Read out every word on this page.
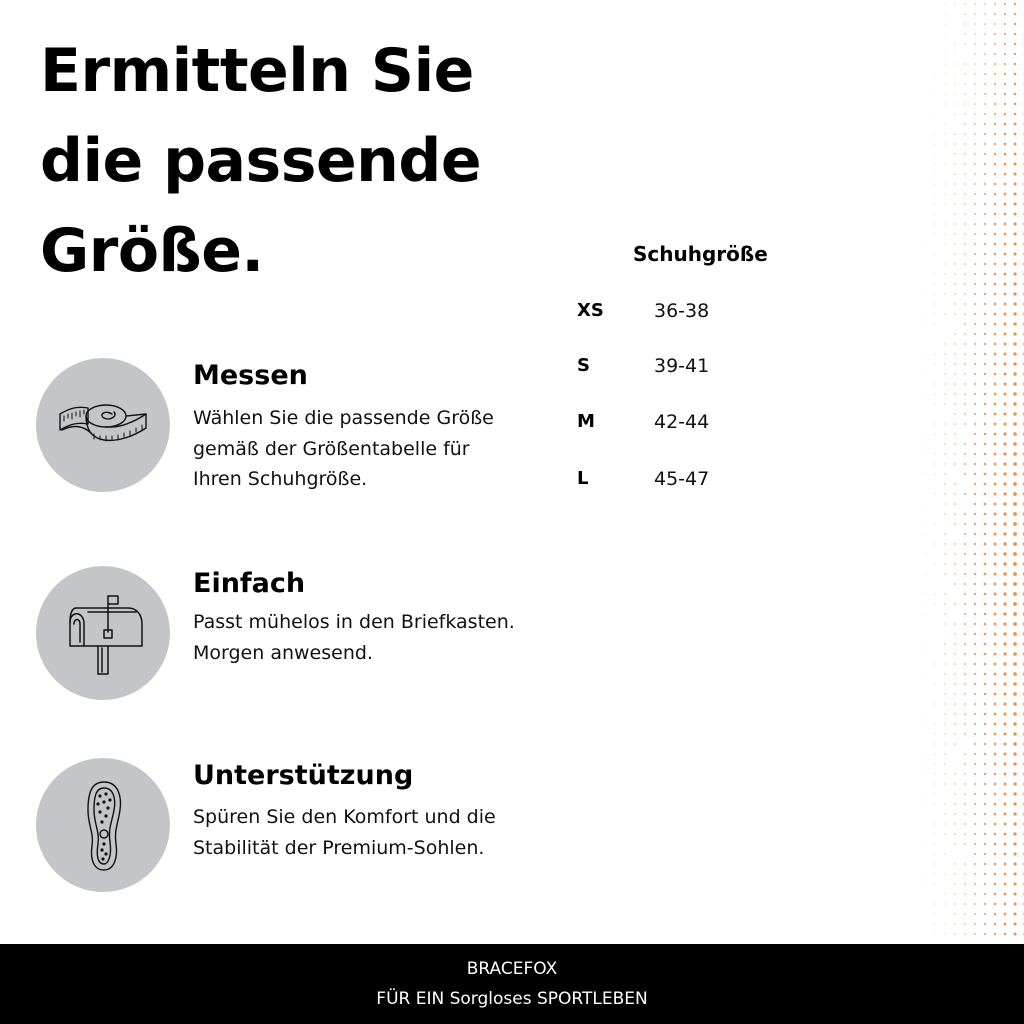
Ermitteln Sie
die passende
Größe.
Messen
Wählen Sie die passende Größe gemäß der Größentabelle für Ihren Schuhgröße.
Einfach
Passt mühelos in den Briefkasten. Morgen anwesend.
Unterstützung
Spüren Sie den Komfort und die Stabilität der Premium-Sohlen.
Schuhgröße
XS	36-38
S	39-41
M	42-44
L	45-47
BRACEFOX
FÜR EIN Sorgloses SPORTLEBEN
